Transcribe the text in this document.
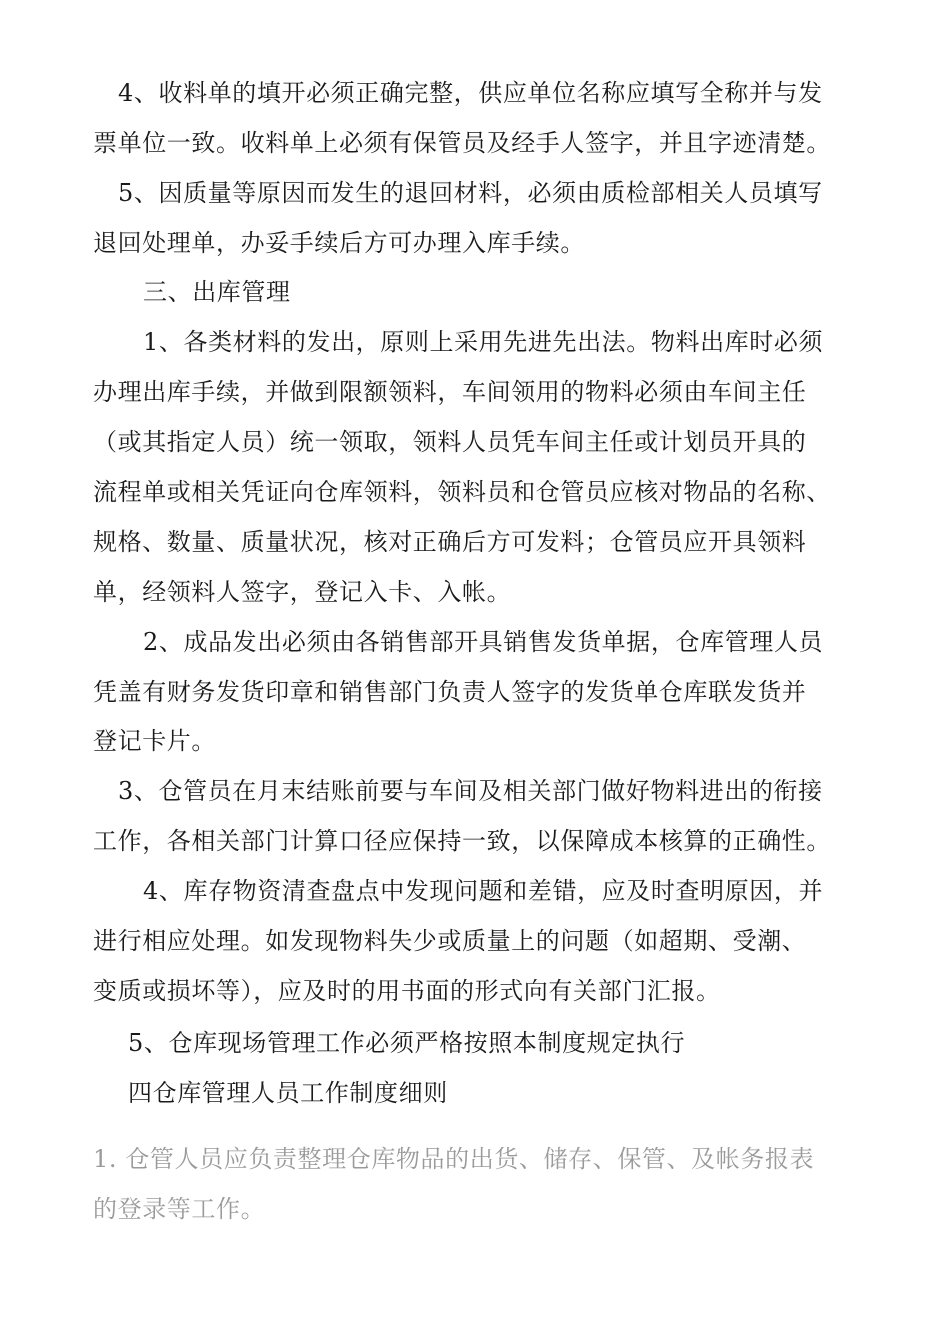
4、收料单的填开必须正确完整，供应单位名称应填写全称并与发
票单位一致。收料单上必须有保管员及经手人签字，并且字迹清楚。
5、因质量等原因而发生的退回材料，必须由质检部相关人员填写
退回处理单，办妥手续后方可办理入库手续。
三、出库管理
1、各类材料的发出，原则上采用先进先出法。物料出库时必须
办理出库手续，并做到限额领料，车间领用的物料必须由车间主任
（或其指定人员）统一领取，领料人员凭车间主任或计划员开具的
流程单或相关凭证向仓库领料，领料员和仓管员应核对物品的名称、
规格、数量、质量状况，核对正确后方可发料；仓管员应开具领料
单，经领料人签字，登记入卡、入帐。
2、成品发出必须由各销售部开具销售发货单据，仓库管理人员
凭盖有财务发货印章和销售部门负责人签字的发货单仓库联发货并
登记卡片。
3、仓管员在月末结账前要与车间及相关部门做好物料进出的衔接
工作，各相关部门计算口径应保持一致，以保障成本核算的正确性。
4、库存物资清查盘点中发现问题和差错，应及时查明原因，并
进行相应处理。如发现物料失少或质量上的问题（如超期、受潮、
变质或损坏等），应及时的用书面的形式向有关部门汇报。
5、仓库现场管理工作必须严格按照本制度规定执行
四仓库管理人员工作制度细则
1. 仓管人员应负责整理仓库物品的出货、储存、保管、及帐务报表
的登录等工作。
